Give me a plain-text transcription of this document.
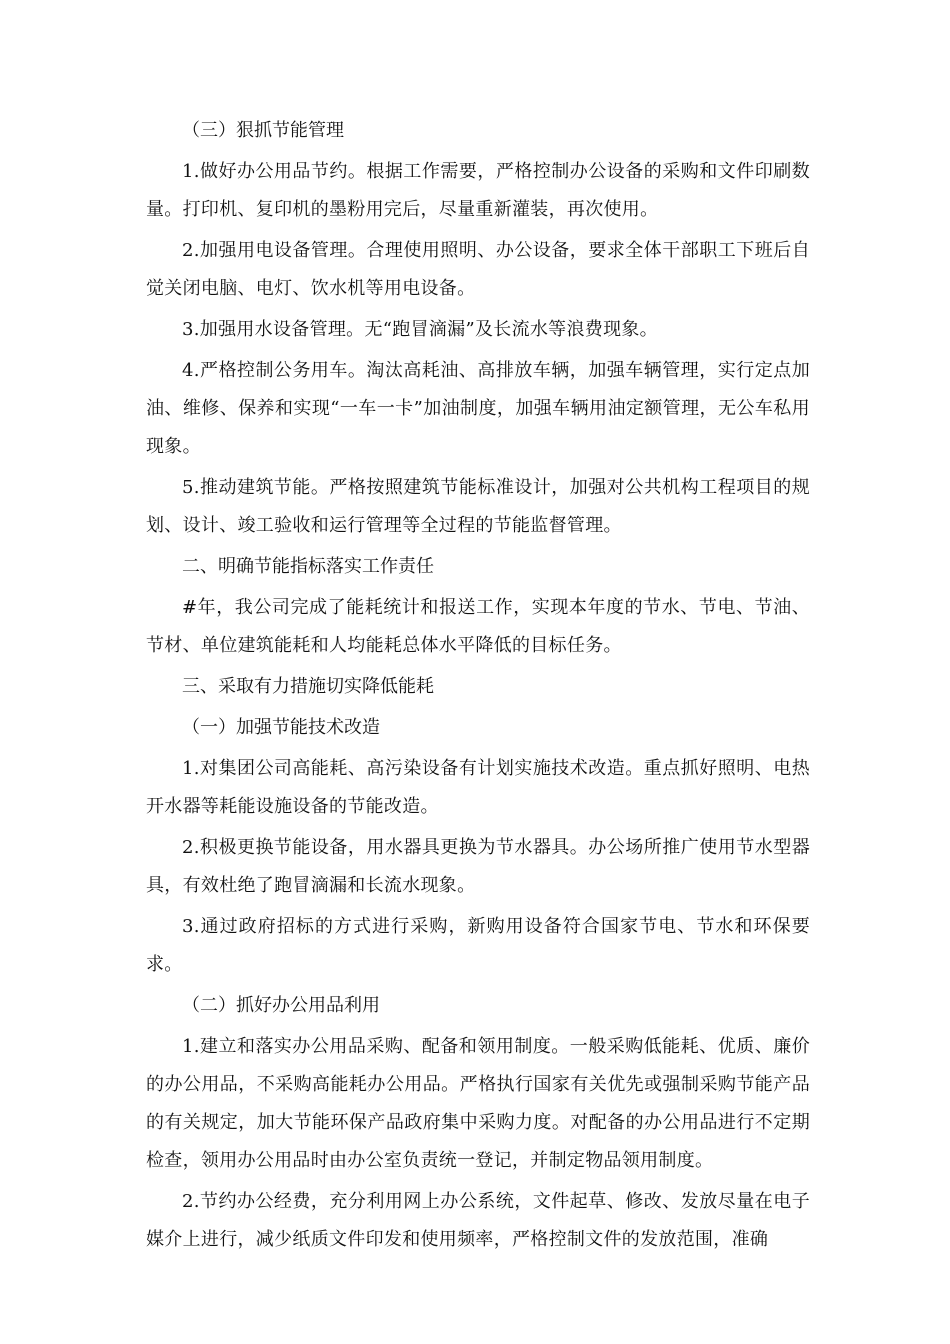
（三）狠抓节能管理

1.做好办公用品节约。根据工作需要，严格控制办公设备的采购和文件印刷数量。打印机、复印机的墨粉用完后，尽量重新灌装，再次使用。

2.加强用电设备管理。合理使用照明、办公设备，要求全体干部职工下班后自觉关闭电脑、电灯、饮水机等用电设备。

3.加强用水设备管理。无“跑冒滴漏”及长流水等浪费现象。

4.严格控制公务用车。淘汰高耗油、高排放车辆，加强车辆管理，实行定点加油、维修、保养和实现“一车一卡”加油制度，加强车辆用油定额管理，无公车私用现象。

5.推动建筑节能。严格按照建筑节能标准设计，加强对公共机构工程项目的规划、设计、竣工验收和运行管理等全过程的节能监督管理。

二、明确节能指标落实工作责任

#年，我公司完成了能耗统计和报送工作，实现本年度的节水、节电、节油、节材、单位建筑能耗和人均能耗总体水平降低的目标任务。

三、采取有力措施切实降低能耗

（一）加强节能技术改造

1.对集团公司高能耗、高污染设备有计划实施技术改造。重点抓好照明、电热开水器等耗能设施设备的节能改造。

2.积极更换节能设备，用水器具更换为节水器具。办公场所推广使用节水型器具，有效杜绝了跑冒滴漏和长流水现象。

3.通过政府招标的方式进行采购，新购用设备符合国家节电、节水和环保要求。

（二）抓好办公用品利用

1.建立和落实办公用品采购、配备和领用制度。一般采购低能耗、优质、廉价的办公用品，不采购高能耗办公用品。严格执行国家有关优先或强制采购节能产品的有关规定，加大节能环保产品政府集中采购力度。对配备的办公用品进行不定期检查，领用办公用品时由办公室负责统一登记，并制定物品领用制度。

2.节约办公经费，充分利用网上办公系统，文件起草、修改、发放尽量在电子媒介上进行，减少纸质文件印发和使用频率，严格控制文件的发放范围，准确
